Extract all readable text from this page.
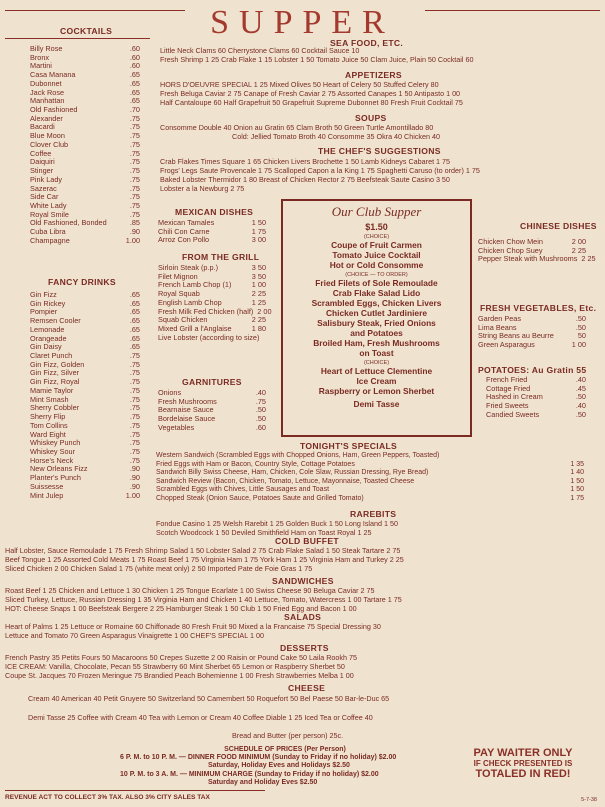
SUPPER
COCKTAILS
Billy Rose	.60
Bronx	.60
Martini	.60
Casa Manana	.65
Dubonnet	.65
Jack Rose	.65
Manhattan	.65
Old Fashioned	.70
Alexander	.75
Bacardi	.75
Blue Moon	.75
Clover Club	.75
Coffee	.75
Daiquiri	.75
Stinger	.75
Pink Lady	.75
Sazerac	.75
Side Car	.75
White Lady	.75
Royal Smile	.75
Old Fashioned, Bonded	.85
Cuba Libra	.90
Champagne	1.00
FANCY DRINKS
Gin Fizz	.65
Gin Rickey	.65
Pompier	.65
Remsen Cooler	.65
Lemonade	.65
Orangeade	.65
Gin Daisy	.65
Claret Punch	.75
Gin Fizz, Golden	.75
Gin Fizz, Silver	.75
Gin Fizz, Royal	.75
Mamie Taylor	.75
Mint Smash	.75
Sherry Cobbler	.75
Sherry Flip	.75
Tom Collins	.75
Ward Eight	.75
Whiskey Punch	.75
Whiskey Sour	.75
Horse's Neck	.75
New Orleans Fizz	.90
Planter's Punch	.90
Suissesse	.90
Mint Julep	1.00
SEA FOOD, ETC.
Little Neck Clams 60 Cherrystone Clams 60 Cocktail Sauce 10
Fresh Shrimp 1 25 Crab Flake 1 15 Lobster 1 50 Tomato Juice 50 Clam Juice, Plain 50 Cocktail 60
APPETIZERS
HORS D'OEUVRE SPECIAL 1 25 Mixed Olives 50 Heart of Celery 50 Stuffed Celery 80
Fresh Beluga Caviar 2 75 Canape of Fresh Caviar 2 75 Assorted Canapes 1 50 Antipasto 1 00
Half Cantaloupe 60 Half Grapefruit 50 Grapefruit Supreme Dubonnet 80 Fresh Fruit Cocktail 75
SOUPS
Consomme Double 40 Onion au Gratin 65 Clam Broth 50 Green Turtle Amontillado 80
Cold: Jellied Tomato Broth 40 Consomme 35 Okra 40 Chicken 40
THE CHEF'S SUGGESTIONS
Crab Flakes Times Square 1 65 Chicken Livers Brochette 1 50 Lamb Kidneys Cabaret 1 75
Frogs' Legs Saute Provencale 1 75 Scalloped Capon a la King 1 75 Spaghetti Caruso (to order) 1 75
Baked Lobster Thermidor 1 80 Breast of Chicken Rector 2 75 Beefsteak Saute Casino 3 50
Lobster a la Newburg 2 75
MEXICAN DISHES
Mexican Tamales	1 50
Chili Con Carne	1 75
Arroz Con Pollo	3 00
FROM THE GRILL
Sirloin Steak (p.p.)	3 50
Filet Mignon	3 50
French Lamb Chop (1)	1 00
Royal Squab	2 25
English Lamb Chop	1 25
Fresh Milk Fed Chicken (half) 2 00
Squab Chicken	2 25
Mixed Grill a l'Anglaise	1 80
Live Lobster (according to size)
GARNITURES
Onions	.40
Fresh Mushrooms	.75
Bearnaise Sauce	.50
Bordelaise Sauce	.50
Vegetables	.60
Our Club Supper
$1.50
(CHOICE)
Coupe of Fruit Carmen
Tomato Juice Cocktail
Hot or Cold Consomme
(CHOICE — TO ORDER)
Fried Filets of Sole Remoulade
Crab Flake Salad Lido
Scrambled Eggs, Chicken Livers
Chicken Cutlet Jardiniere
Salisbury Steak, Fried Onions
and Potatoes
Broiled Ham, Fresh Mushrooms
on Toast
(CHOICE)
Heart of Lettuce Clementine
Ice Cream
Raspberry or Lemon Sherbet
Demi Tasse
CHINESE DISHES
Chicken Chow Mein	2 00
Chicken Chop Suey	2 25
Pepper Steak with Mushrooms 2 25
FRESH VEGETABLES, Etc.
Garden Peas	.50
Lima Beans	.50
String Beans au Beurre	50
Green Asparagus	1 00
POTATOES: Au Gratin 55
French Fried	.40
Cottage Fried	.45
Hashed in Cream	.50
Fried Sweets	.40
Candied Sweets	.50
TONIGHT'S SPECIALS
Western Sandwich (Scrambled Eggs with Chopped Onions, Ham, Green Peppers, Toasted)
Fried Eggs with Ham or Bacon, Country Style, Cottage Potatoes	1 35
Sandwich Billy Swiss Cheese, Ham, Chicken, Cole Slaw, Russian Dressing, Rye Bread)	1 40
Sandwich Review (Bacon, Chicken, Tomato, Lettuce, Mayonnaise, Toasted Cheese	1 50
Scrambled Eggs with Chives, Little Sausages and Toast	1 50
Chopped Steak (Onion Sauce, Potatoes Saute and Grilled Tomato)	1 75
RAREBITS
Fondue Casino 1 25 Welsh Rarebit 1 25 Golden Buck 1 50 Long Island 1 50
Scotch Woodcock 1 50 Deviled Smithfield Ham on Toast Royal 1 25
COLD BUFFET
Half Lobster, Sauce Remoulade 1 75 Fresh Shrimp Salad 1 50 Lobster Salad 2 75 Crab Flake Salad 1 50 Steak Tartare 2 75
Beef Tongue 1 25 Assorted Cold Meats 1 75 Roast Beef 1 75 Virginia Ham 1 75 York Ham 1 25 Virginia Ham and Turkey 2 25
Sliced Chicken 2 00 Chicken Salad 1 75 (white meat only) 2 50 Imported Pate de Foie Gras 1 75
SANDWICHES
Roast Beef 1 25 Chicken and Lettuce 1 30 Chicken 1 25 Tongue Ecarlate 1 00 Swiss Cheese 90 Beluga Caviar 2 75
Sliced Turkey, Lettuce, Russian Dressing 1 35 Virginia Ham and Chicken 1 40 Lettuce, Tomato, Watercress 1 00 Tartare 1 75
HOT: Cheese Snaps 1 00 Beefsteak Bergere 2 25 Hamburger Steak 1 50 Club 1 50 Fried Egg and Bacon 1 00
SALADS
Heart of Palms 1 25 Lettuce or Romaine 60 Chiffonade 80 Fresh Fruit 90 Mixed a la Francaise 75 Special Dressing 30
Lettuce and Tomato 70 Green Asparagus Vinaigrette 1 00 CHEF'S SPECIAL 1 00
DESSERTS
French Pastry 35 Petits Fours 50 Macaroons 50 Crepes Suzette 2 00 Raisin or Pound Cake 50 Laila Rookh 75
ICE CREAM: Vanilla, Chocolate, Pecan 55 Strawberry 60 Mint Sherbet 65 Lemon or Raspberry Sherbet 50
Coupe St. Jacques 70 Frozen Meringue 75 Brandied Peach Bohemienne 1 00 Fresh Strawberries Melba 1 00
CHEESE
Cream 40 American 40 Petit Gruyere 50 Switzerland 50 Camembert 50 Roquefort 50 Bel Paese 50 Bar-le-Duc 65
Demi Tasse 25 Coffee with Cream 40 Tea with Lemon or Cream 40 Coffee Diable 1 25 Iced Tea or Coffee 40
Bread and Butter (per person) 25c.
SCHEDULE OF PRICES (Per Person)
6 P. M. to 10 P. M. — DINNER FOOD MINIMUM (Sunday to Friday if no holiday) $2.00
Saturday, Holiday Eves and Holidays $2.50
10 P. M. to 3 A. M. — MINIMUM CHARGE (Sunday to Friday if no holiday) $2.00
Saturday and Holiday Eves $2.50
PAY WAITER ONLY
IF CHECK PRESENTED IS
TOTALED IN RED!
REVENUE ACT TO COLLECT 3% TAX. ALSO 3% CITY SALES TAX	5-7-38
